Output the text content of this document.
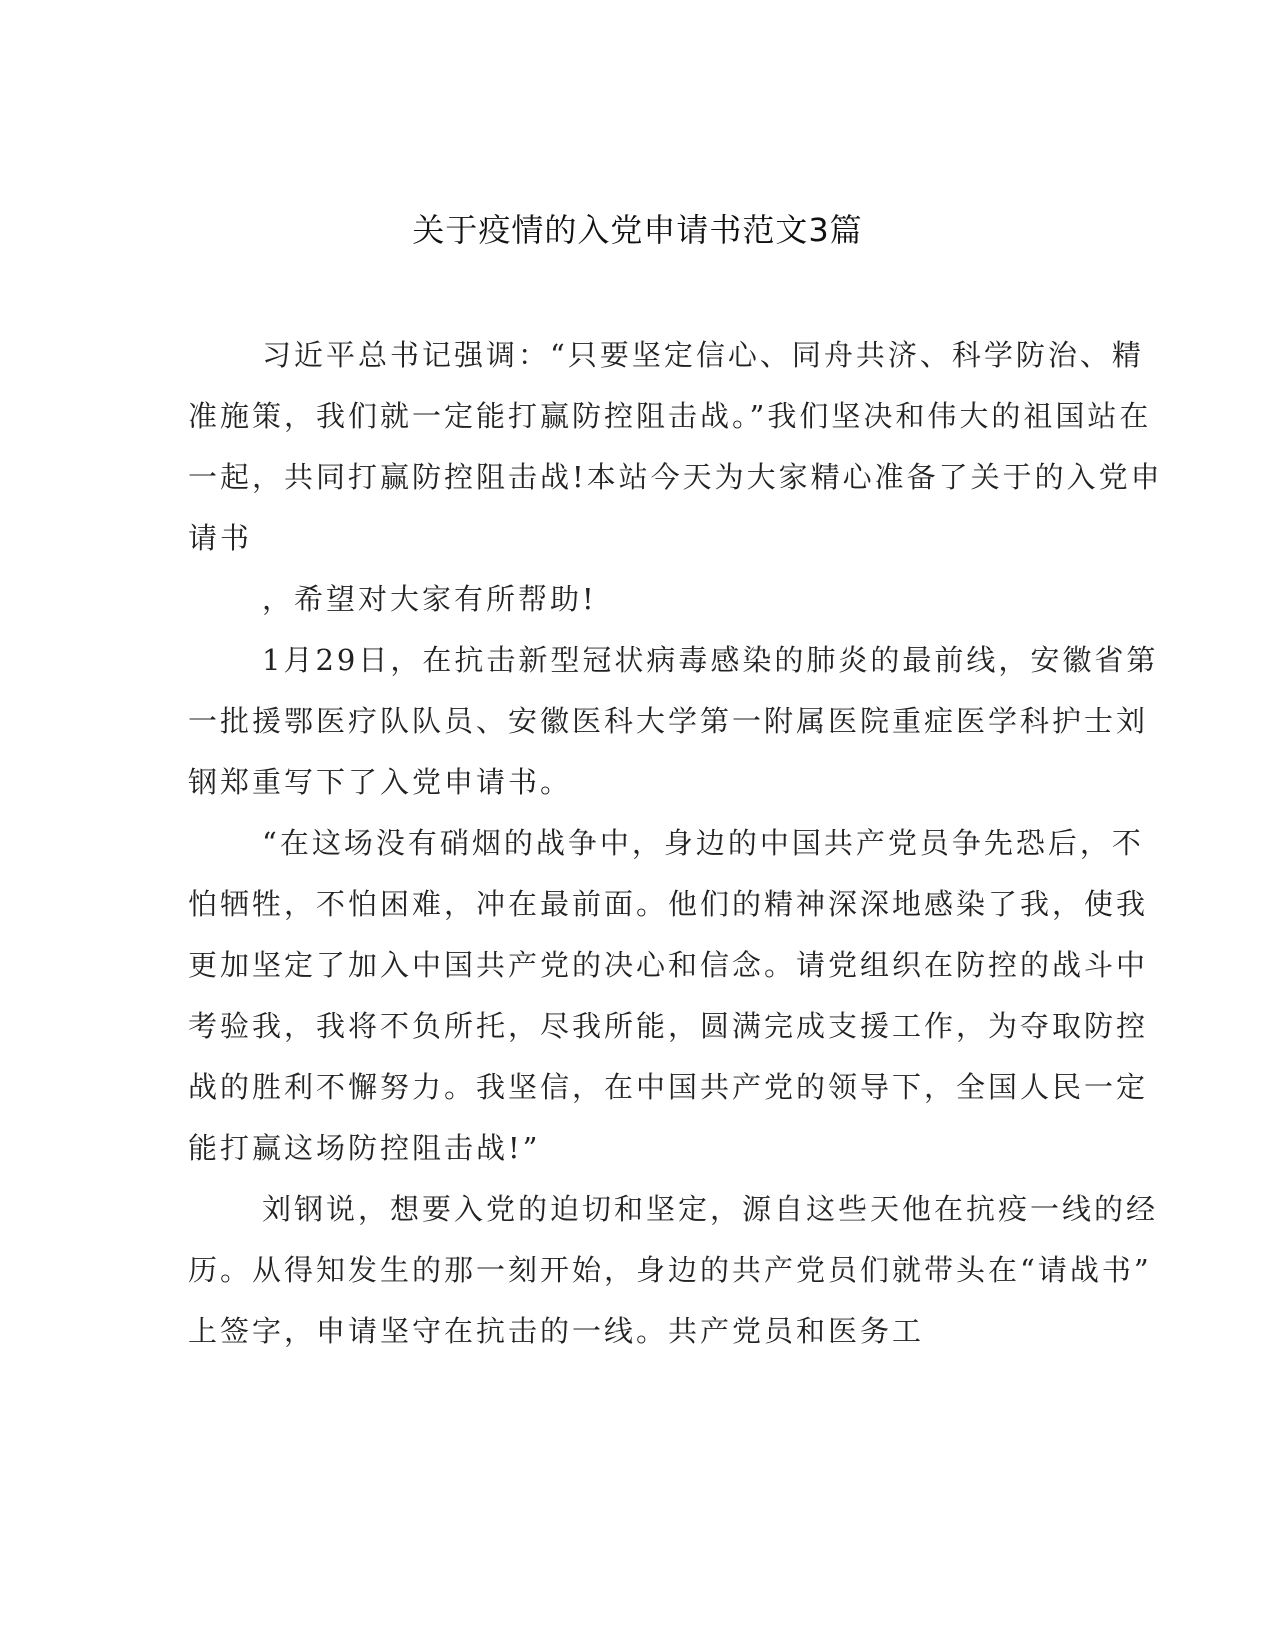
关于疫情的入党申请书范文3篇
习近平总书记强调：“只要坚定信心、同舟共济、科学防治、精
准施策，我们就一定能打赢防控阻击战。”我们坚决和伟大的祖国站在
一起，共同打赢防控阻击战!本站今天为大家精心准备了关于的入党申
请书
，希望对大家有所帮助!
1月29日，在抗击新型冠状病毒感染的肺炎的最前线，安徽省第
一批援鄂医疗队队员、安徽医科大学第一附属医院重症医学科护士刘
钢郑重写下了入党申请书。
“在这场没有硝烟的战争中，身边的中国共产党员争先恐后，不
怕牺牲，不怕困难，冲在最前面。他们的精神深深地感染了我，使我
更加坚定了加入中国共产党的决心和信念。请党组织在防控的战斗中
考验我，我将不负所托，尽我所能，圆满完成支援工作，为夺取防控
战的胜利不懈努力。我坚信，在中国共产党的领导下，全国人民一定
能打赢这场防控阻击战!”
刘钢说，想要入党的迫切和坚定，源自这些天他在抗疫一线的经
历。从得知发生的那一刻开始，身边的共产党员们就带头在“请战书”
上签字，申请坚守在抗击的一线。共产党员和医务工
